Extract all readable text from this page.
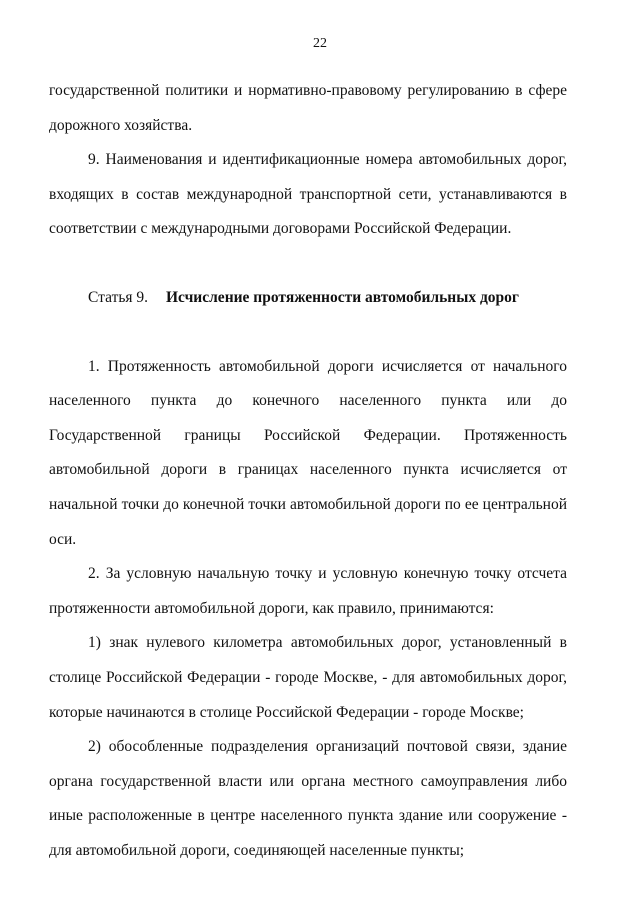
22

государственной политики и нормативно-правовому регулированию в сфере дорожного хозяйства.

9. Наименования и идентификационные номера автомобильных дорог, входящих в состав международной транспортной сети, устанавливаются в соответствии с международными договорами Российской Федерации.

Статья 9. Исчисление протяженности автомобильных дорог

1. Протяженность автомобильной дороги исчисляется от начального населенного пункта до конечного населенного пункта или до Государственной границы Российской Федерации. Протяженность автомобильной дороги в границах населенного пункта исчисляется от начальной точки до конечной точки автомобильной дороги по ее центральной оси.

2. За условную начальную точку и условную конечную точку отсчета протяженности автомобильной дороги, как правило, принимаются:

1) знак нулевого километра автомобильных дорог, установленный в столице Российской Федерации - городе Москве, - для автомобильных дорог, которые начинаются в столице Российской Федерации - городе Москве;

2) обособленные подразделения организаций почтовой связи, здание органа государственной власти или органа местного самоуправления либо иные расположенные в центре населенного пункта здание или сооружение - для автомобильной дороги, соединяющей населенные пункты;
